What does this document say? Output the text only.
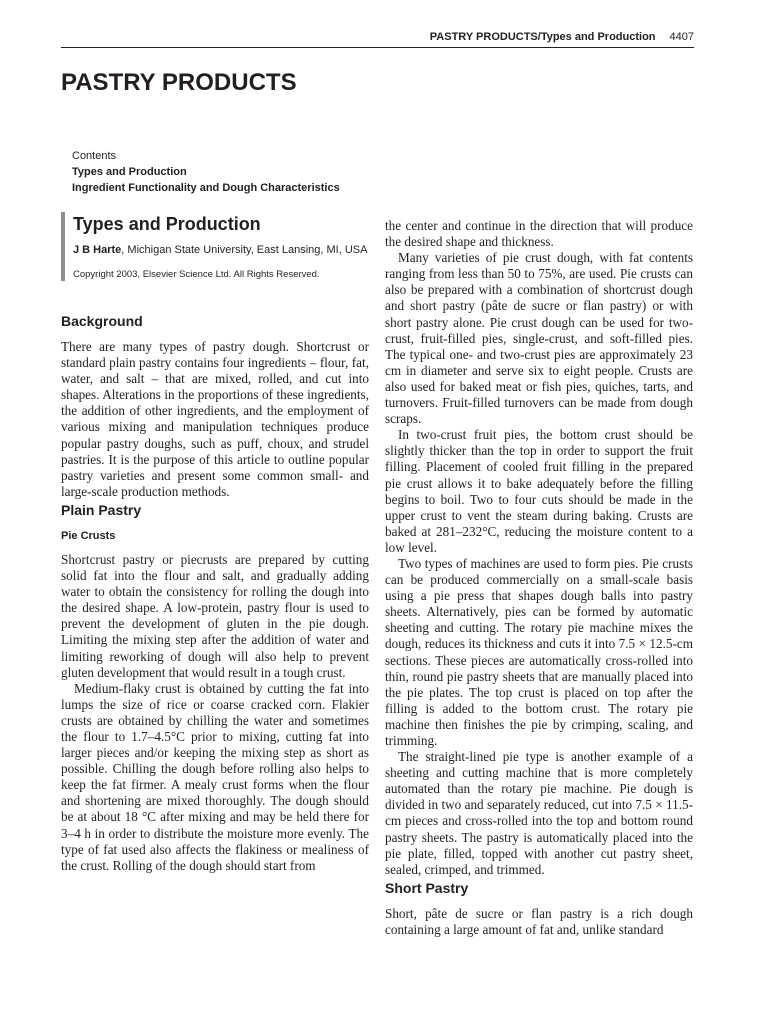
PASTRY PRODUCTS/Types and Production 4407
PASTRY PRODUCTS
Contents
Types and Production
Ingredient Functionality and Dough Characteristics
Types and Production

J B Harte, Michigan State University, East Lansing, MI, USA

Copyright 2003, Elsevier Science Ltd. All Rights Reserved.

Background

There are many types of pastry dough. Shortcrust or standard plain pastry contains four ingredients – flour, fat, water, and salt – that are mixed, rolled, and cut into shapes. Alterations in the proportions of these ingredients, the addition of other ingredients, and the employment of various mixing and manipulation techniques produce popular pastry doughs, such as puff, choux, and strudel pastries. It is the purpose of this article to outline popular pastry varieties and present some common small- and large-scale production methods.

Plain Pastry
Pie Crusts

Shortcrust pastry or piecrusts are prepared by cutting solid fat into the flour and salt, and gradually adding water to obtain the consistency for rolling the dough into the desired shape. A low-protein, pastry flour is used to prevent the development of gluten in the pie dough. Limiting the mixing step after the addition of water and limiting reworking of dough will also help to prevent gluten development that would result in a tough crust.

Medium-flaky crust is obtained by cutting the fat into lumps the size of rice or coarse cracked corn. Flakier crusts are obtained by chilling the water and sometimes the flour to 1.7–4.5°C prior to mixing, cutting fat into larger pieces and/or keeping the mixing step as short as possible. Chilling the dough before rolling also helps to keep the fat firmer. A mealy crust forms when the flour and shortening are mixed thoroughly. The dough should be at about 18 °C after mixing and may be held there for 3–4 h in order to distribute the moisture more evenly. The type of fat used also affects the flakiness or mealiness of the crust. Rolling of the dough should start from

the center and continue in the direction that will produce the desired shape and thickness.

Many varieties of pie crust dough, with fat contents ranging from less than 50 to 75%, are used. Pie crusts can also be prepared with a combination of shortcrust dough and short pastry (pâte de sucre or flan pastry) or with short pastry alone. Pie crust dough can be used for two-crust, fruit-filled pies, single-crust, and soft-filled pies. The typical one- and two-crust pies are approximately 23 cm in diameter and serve six to eight people. Crusts are also used for baked meat or fish pies, quiches, tarts, and turnovers. Fruit-filled turnovers can be made from dough scraps.

In two-crust fruit pies, the bottom crust should be slightly thicker than the top in order to support the fruit filling. Placement of cooled fruit filling in the prepared pie crust allows it to bake adequately before the filling begins to boil. Two to four cuts should be made in the upper crust to vent the steam during baking. Crusts are baked at 281–232°C, reducing the moisture content to a low level.

Two types of machines are used to form pies. Pie crusts can be produced commercially on a small-scale basis using a pie press that shapes dough balls into pastry sheets. Alternatively, pies can be formed by automatic sheeting and cutting. The rotary pie machine mixes the dough, reduces its thickness and cuts it into 7.5 × 12.5-cm sections. These pieces are automatically cross-rolled into thin, round pie pastry sheets that are manually placed into the pie plates. The top crust is placed on top after the filling is added to the bottom crust. The rotary pie machine then finishes the pie by crimping, scaling, and trimming.

The straight-lined pie type is another example of a sheeting and cutting machine that is more completely automated than the rotary pie machine. Pie dough is divided in two and separately reduced, cut into 7.5 × 11.5-cm pieces and cross-rolled into the top and bottom round pastry sheets. The pastry is automatically placed into the pie plate, filled, topped with another cut pastry sheet, sealed, crimped, and trimmed.

Short Pastry

Short, pâte de sucre or flan pastry is a rich dough containing a large amount of fat and, unlike standard
